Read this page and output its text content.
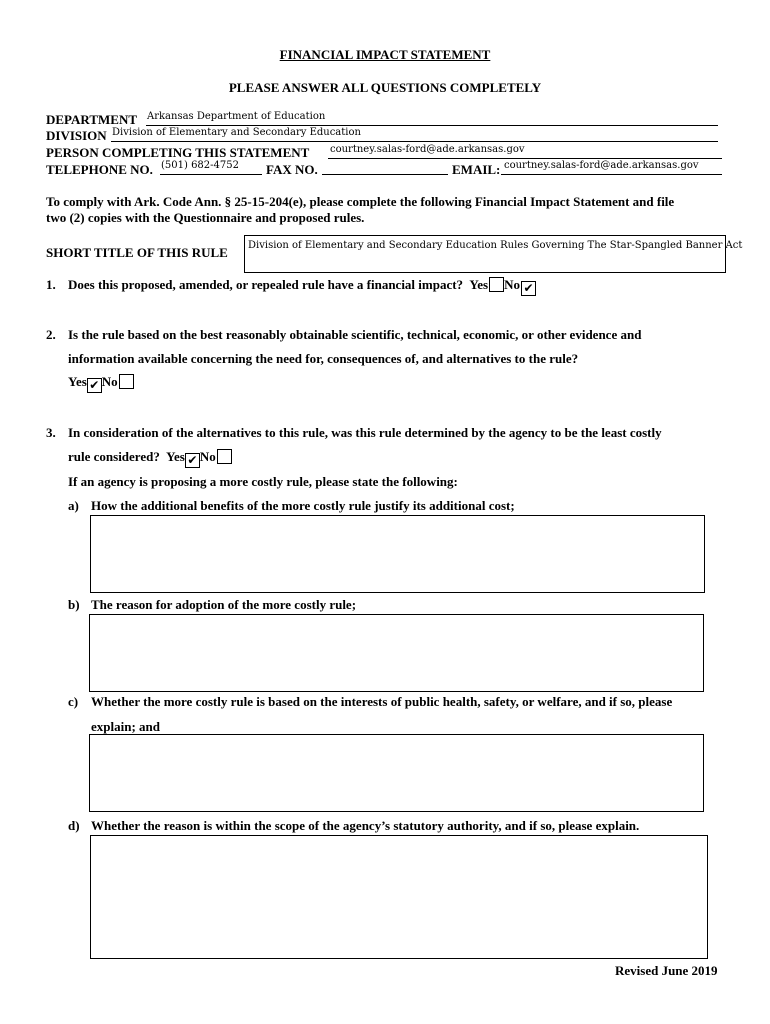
FINANCIAL IMPACT STATEMENT
PLEASE ANSWER ALL QUESTIONS COMPLETELY
DEPARTMENT Arkansas Department of Education
DIVISION Division of Elementary and Secondary Education
PERSON COMPLETING THIS STATEMENT courtney.salas-ford@ade.arkansas.gov
TELEPHONE NO. (501) 682-4752 FAX NO.	EMAIL: courtney.salas-ford@ade.arkansas.gov
To comply with Ark. Code Ann. § 25-15-204(e), please complete the following Financial Impact Statement and file
two (2) copies with the Questionnaire and proposed rules.
SHORT TITLE OF THIS RULE Division of Elementary and Secondary Education Rules Governing The Star-Spangled Banner Act
1. Does this proposed, amended, or repealed rule have a financial impact? Yes No ✔
2. Is the rule based on the best reasonably obtainable scientific, technical, economic, or other evidence and
information available concerning the need for, consequences of, and alternatives to the rule?
Yes ✔ No
3. In consideration of the alternatives to this rule, was this rule determined by the agency to be the least costly
rule considered? Yes ✔ No
If an agency is proposing a more costly rule, please state the following:
a) How the additional benefits of the more costly rule justify its additional cost;
b) The reason for adoption of the more costly rule;
c) Whether the more costly rule is based on the interests of public health, safety, or welfare, and if so, please
explain; and
d) Whether the reason is within the scope of the agency’s statutory authority, and if so, please explain.
Revised June 2019
